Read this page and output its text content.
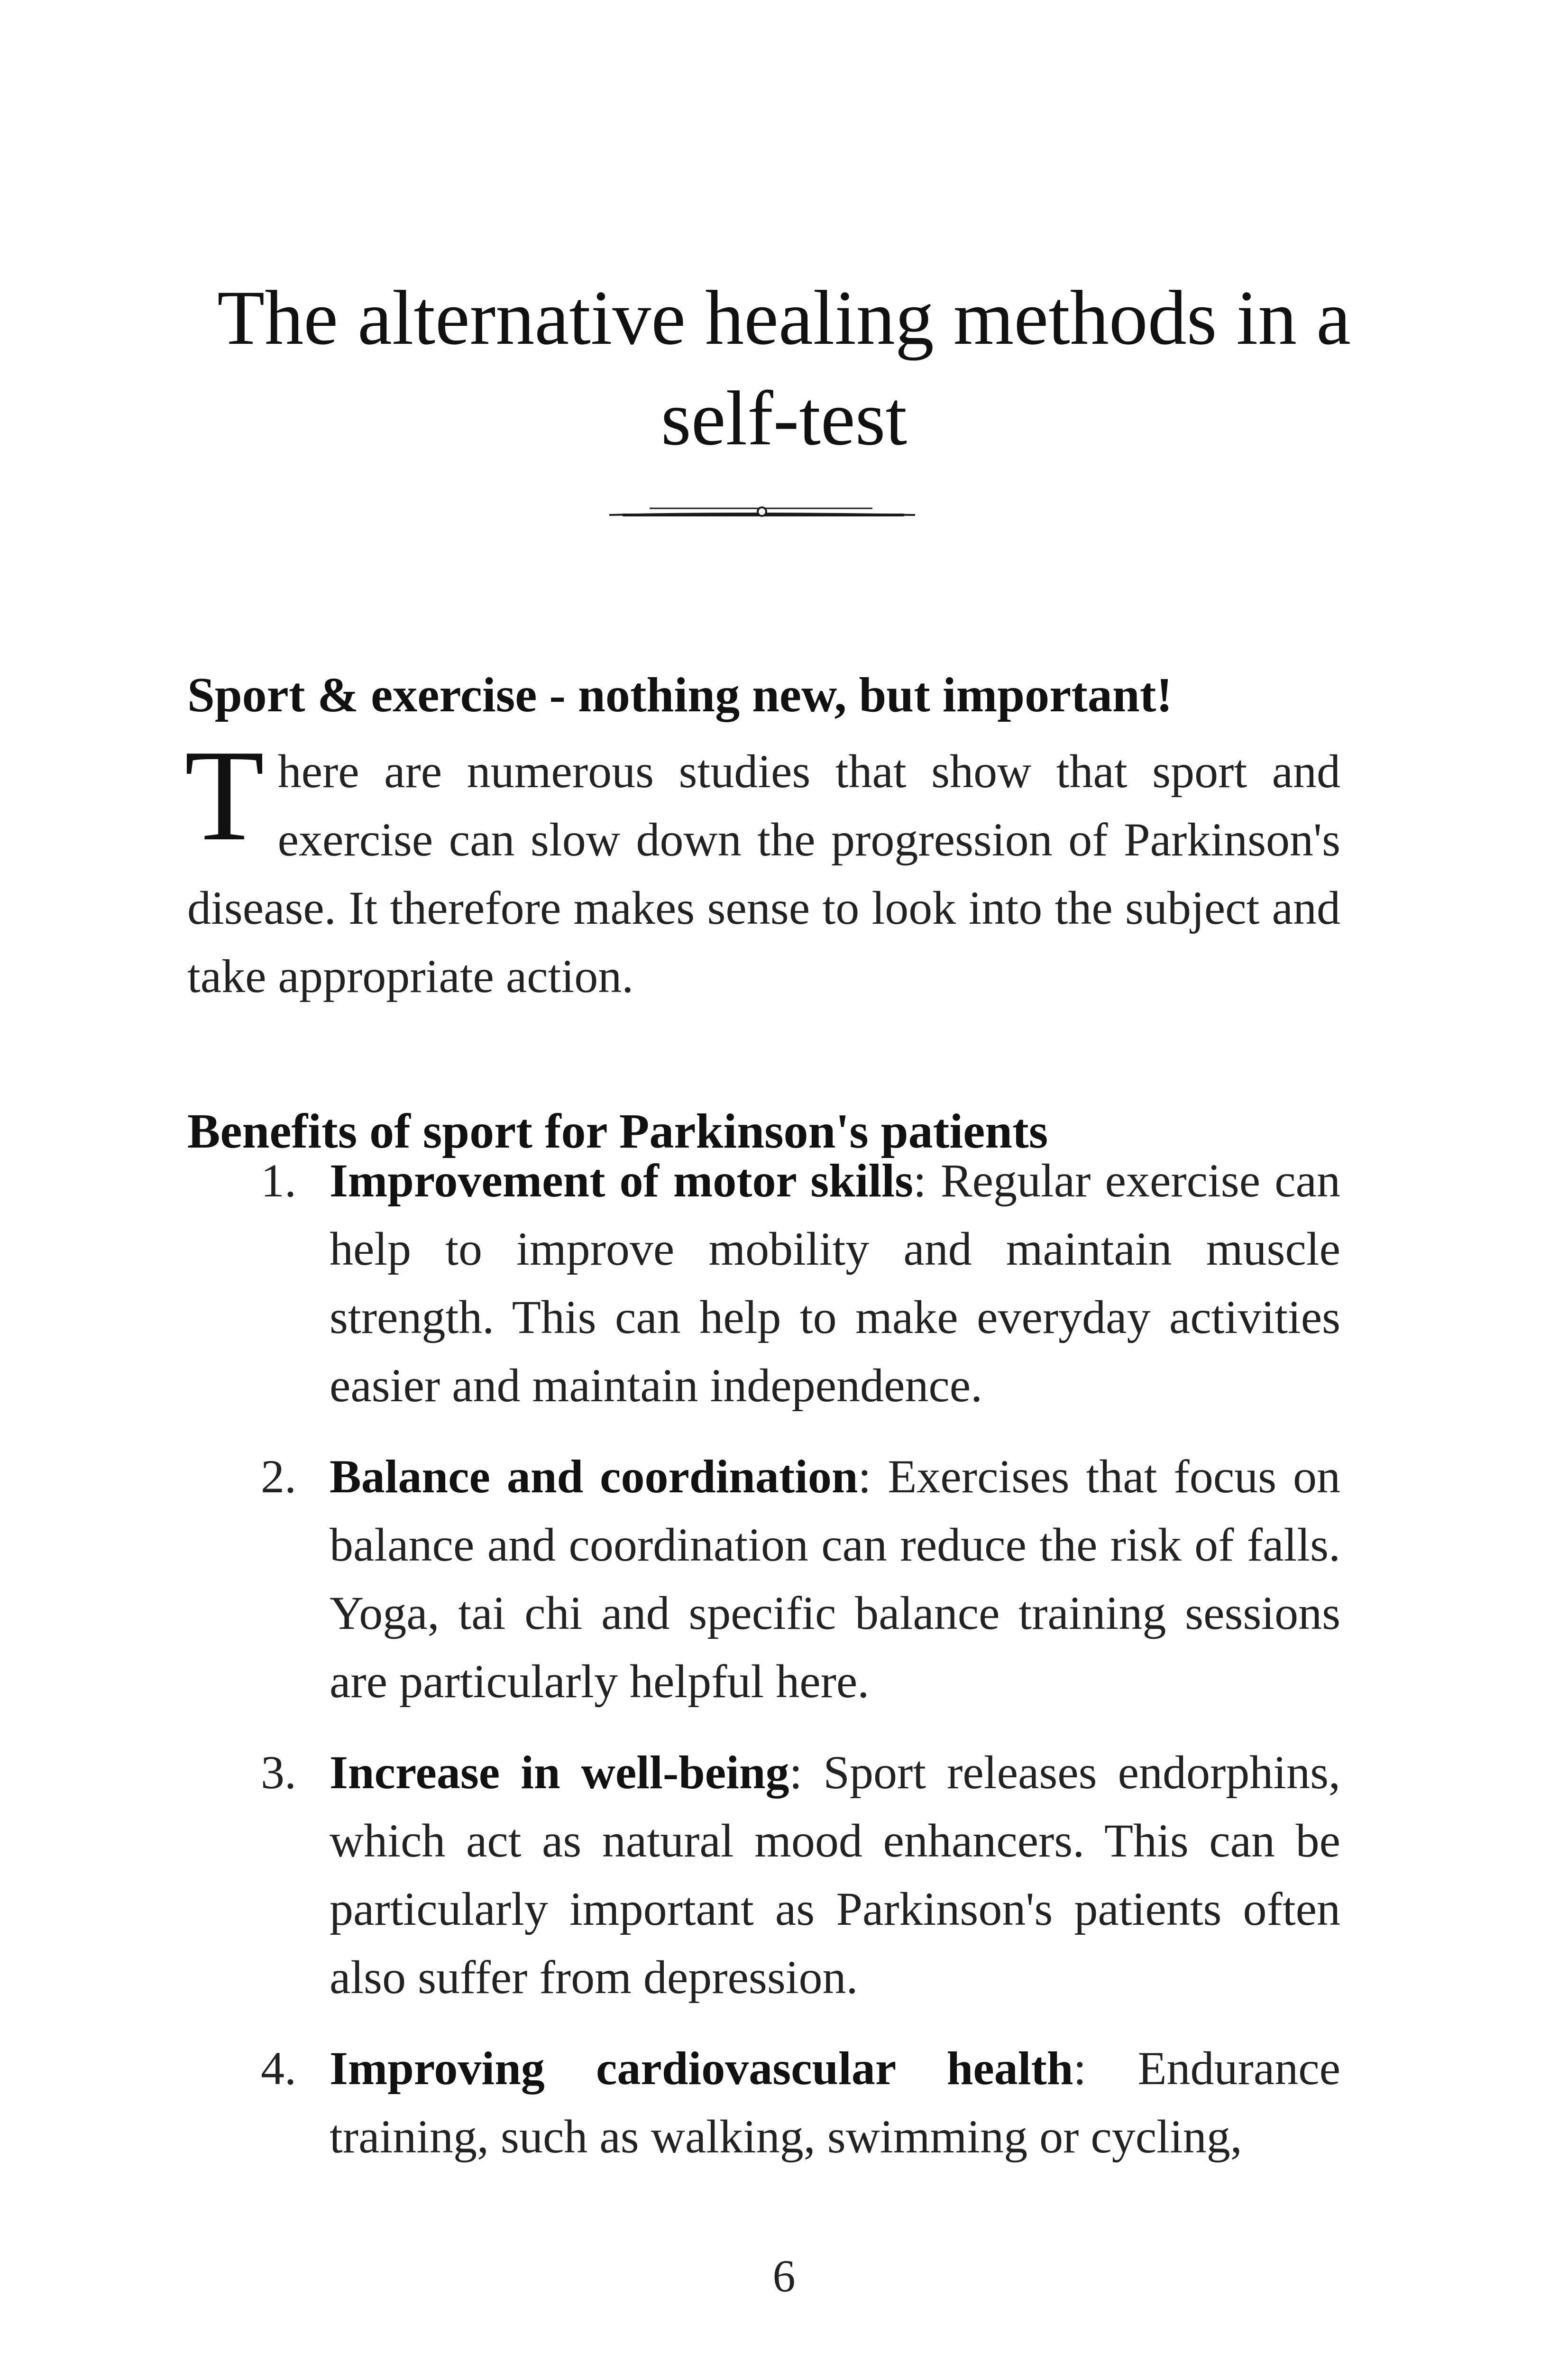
The alternative healing methods in a
self-test
Sport & exercise - nothing new, but important!
There are numerous studies that show that sport and exercise can slow down the progression of Parkinson's disease. It therefore makes sense to look into the subject and take appropriate action.
Benefits of sport for Parkinson's patients
1. Improvement of motor skills: Regular exercise can help to improve mobility and maintain muscle strength. This can help to make everyday activities easier and maintain independence.
2. Balance and coordination: Exercises that focus on balance and coordination can reduce the risk of falls. Yoga, tai chi and specific balance training sessions are particularly helpful here.
3. Increase in well-being: Sport releases endorphins, which act as natural mood enhancers. This can be particularly important as Parkinson's patients often also suffer from depression.
4. Improving cardiovascular health: Endurance training, such as walking, swimming or cycling,
6
